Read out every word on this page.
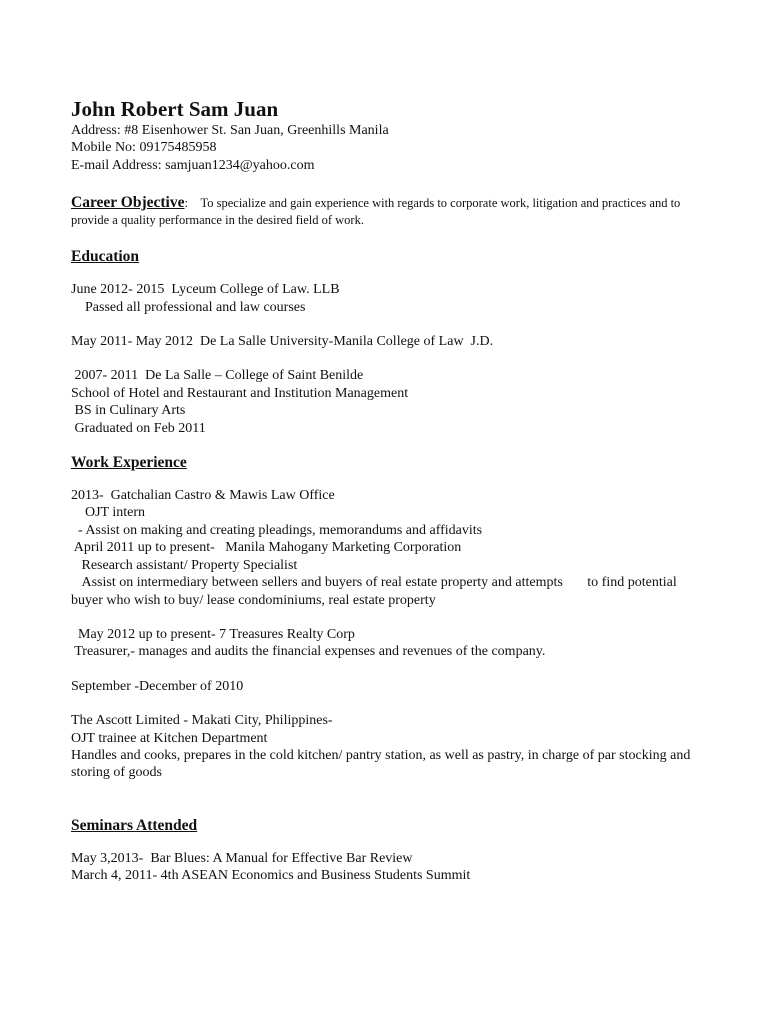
John Robert Sam Juan

Address: #8 Eisenhower St. San Juan, Greenhills Manila

Mobile No: 09175485958

E-mail Address: samjuan1234@yahoo.com

Career Objective: To specialize and gain experience with regards to corporate work, litigation and practices and to provide a quality performance in the desired field of work.

Education

June 2012- 2015  Lyceum College of Law. LLB

Passed all professional and law courses

May 2011- May 2012  De La Salle University-Manila College of Law  J.D.

2007- 2011  De La Salle – College of Saint Benilde

School of Hotel and Restaurant and Institution Management

BS in Culinary Arts

Graduated on Feb 2011

Work Experience

2013-  Gatchalian Castro & Mawis Law Office

OJT intern

- Assist on making and creating pleadings, memorandums and affidavits

April 2011 up to present-   Manila Mahogany Marketing Corporation

Research assistant/ Property Specialist

Assist on intermediary between sellers and buyers of real estate property and attempts       to find potential buyer who wish to buy/ lease condominiums, real estate property

May 2012 up to present- 7 Treasures Realty Corp

Treasurer,- manages and audits the financial expenses and revenues of the company.

September -December of 2010

The Ascott Limited - Makati City, Philippines-

OJT trainee at Kitchen Department

Handles and cooks, prepares in the cold kitchen/ pantry station, as well as pastry, in charge of par stocking and storing of goods

Seminars Attended

May 3,2013-  Bar Blues: A Manual for Effective Bar Review

March 4, 2011- 4th ASEAN Economics and Business Students Summit
